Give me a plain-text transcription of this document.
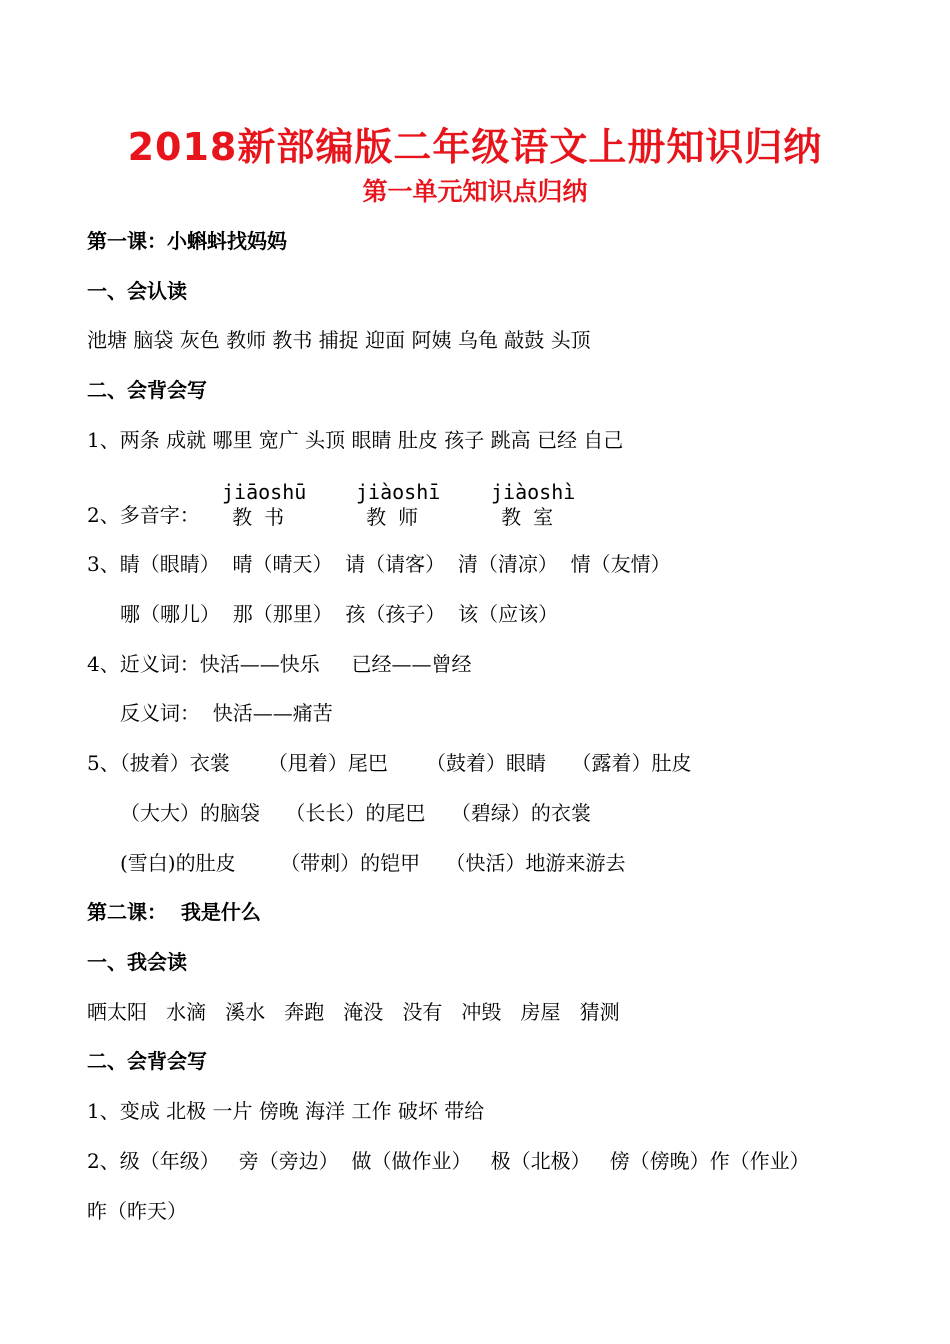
2018新部编版二年级语文上册知识归纳
第一单元知识点归纳
第一课：小蝌蚪找妈妈
一、会认读
池塘 脑袋 灰色 教师 教书 捕捉 迎面 阿姨 乌龟 敲鼓 头顶
二、会背会写
1、两条 成就 哪里 宽广 头顶 眼睛 肚皮 孩子 跳高 已经 自己
2、多音字：
jiāoshū
教书
jiàoshī
教师
jiàoshì
教室
3、睛（眼睛）  晴（晴天）  请（请客）  清（清凉）  情（友情）
哪（哪儿）  那（那里）  孩（孩子）  该（应该）
4、近义词：快活——快乐     已经——曾经
反义词：  快活——痛苦
5、（披着）衣裳      （甩着）尾巴      （鼓着）眼睛    （露着）肚皮
（大大）的脑袋    （长长）的尾巴    （碧绿）的衣裳
(雪白)的肚皮       （带刺）的铠甲    （快活）地游来游去
第二课：  我是什么
一、我会读
晒太阳   水滴   溪水   奔跑   淹没   没有   冲毁   房屋   猜测
二、会背会写
1、变成 北极 一片 傍晚 海洋 工作 破坏 带给
2、级（年级）   旁（旁边）  做（做作业）   极（北极）   傍（傍晚）作（作业）
昨（昨天）
